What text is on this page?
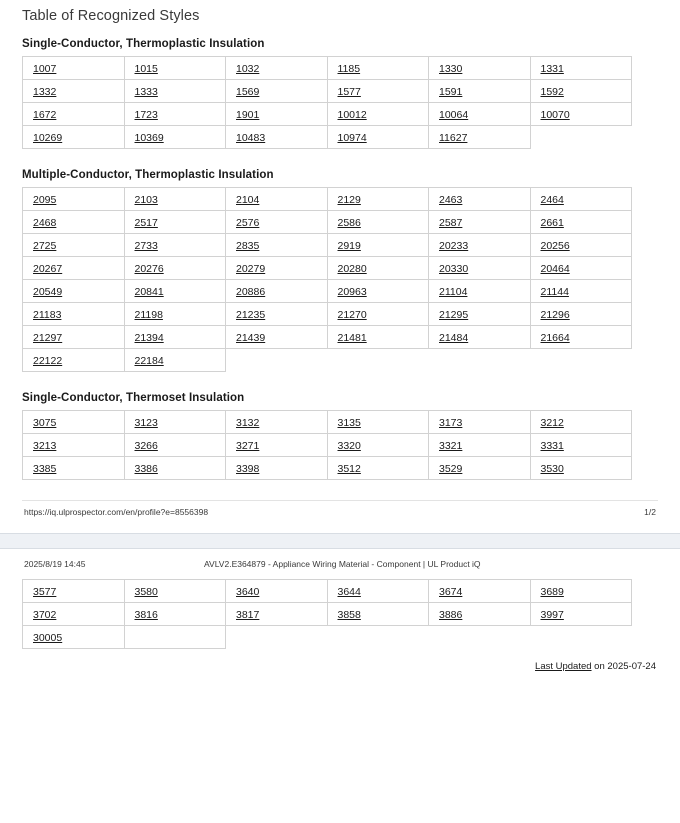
Table of Recognized Styles
Single-Conductor, Thermoplastic Insulation
1007	1015	1032	1185	1330	1331
1332	1333	1569	1577	1591	1592
1672	1723	1901	10012	10064	10070
10269	10369	10483	10974	11627	
Multiple-Conductor, Thermoplastic Insulation
2095	2103	2104	2129	2463	2464
2468	2517	2576	2586	2587	2661
2725	2733	2835	2919	20233	20256
20267	20276	20279	20280	20330	20464
20549	20841	20886	20963	21104	21144
21183	21198	21235	21270	21295	21296
21297	21394	21439	21481	21484	21664
22122	22184				
Single-Conductor, Thermoset Insulation
3075	3123	3132	3135	3173	3212
3213	3266	3271	3320	3321	3331
3385	3386	3398	3512	3529	3530
https://iq.ulprospector.com/en/profile?e=8556398	1/2
2025/8/19 14:45	AVLV2.E364879 - Appliance Wiring Material - Component | UL Product iQ
3577	3580	3640	3644	3674	3689
3702	3816	3817	3858	3886	3997
30005					
Last Updated on 2025-07-24
